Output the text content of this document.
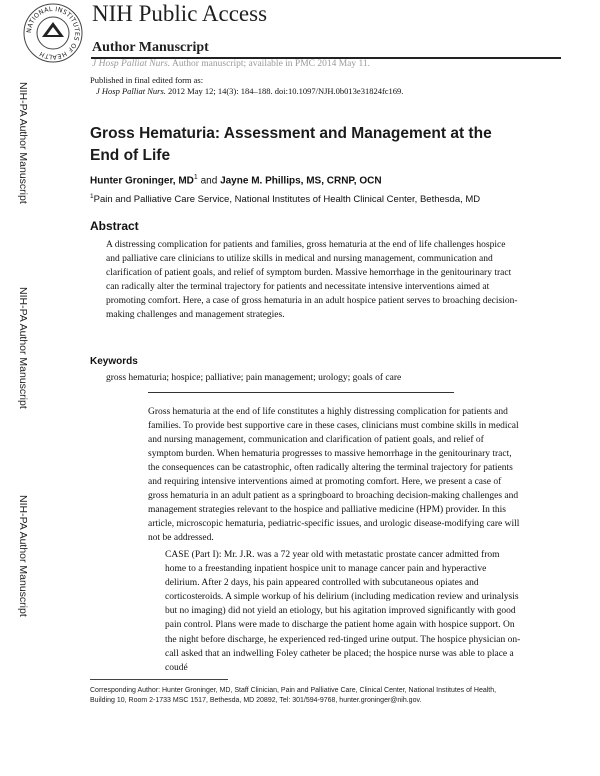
NATIONAL INSTITUTES OF HEALTH
NIH Public Access
Author Manuscript
J Hosp Palliat Nurs. Author manuscript; available in PMC 2014 May 11.
Published in final edited form as:
J Hosp Palliat Nurs. 2012 May 12; 14(3): 184–188. doi:10.1097/NJH.0b013e31824fc169.
NIH-PA Author Manuscript
NIH-PA Author Manuscript
NIH-PA Author Manuscript
Gross Hematuria: Assessment and Management at the End of Life
Hunter Groninger, $MD^1$ and Jayne M. Phillips, MS, CRNP, OCN
$^1$Pain and Palliative Care Service, National Institutes of Health Clinical Center, Bethesda, MD
Abstract

A distressing complication for patients and families, gross hematuria at the end of life challenges hospice and palliative care clinicians to utilize skills in medical and nursing management, communication and clarification of patient goals, and relief of symptom burden. Massive hemorrhage in the genitourinary tract can radically alter the terminal trajectory for patients and necessitate intensive interventions aimed at promoting comfort. Here, a case of gross hematuria in an adult hospice patient serves to broaching decision-making challenges and management strategies.

Keywords
gross hematuria; hospice; palliative; pain management; urology; goals of care

Gross hematuria at the end of life constitutes a highly distressing complication for patients and families. To provide best supportive care in these cases, clinicians must combine skills in medical and nursing management, communication and clarification of patient goals, and relief of symptom burden. When hematuria progresses to massive hemorrhage in the genitourinary tract, the consequences can be catastrophic, often radically altering the terminal trajectory for patients and requiring intensive interventions aimed at promoting comfort. Here, we present a case of gross hematuria in an adult patient as a springboard to broaching decision-making challenges and management strategies relevant to the hospice and palliative medicine (HPM) provider. In this article, microscopic hematuria, pediatric-specific issues, and urologic disease-modifying care will not be addressed.

CASE (Part I): Mr. J.R. was a 72 year old with metastatic prostate cancer admitted from home to a freestanding inpatient hospice unit to manage cancer pain and hyperactive delirium. After 2 days, his pain appeared controlled with subcutaneous opiates and corticosteroids. A simple workup of his delirium (including medication review and urinalysis but no imaging) did not yield an etiology, but his agitation improved significantly with good pain control. Plans were made to discharge the patient home again with hospice support. On the night before discharge, he experienced red-tinged urine output. The hospice physician on-call asked that an indwelling Foley catheter be placed; the hospice nurse was able to place a coudé

Corresponding Author: Hunter Groninger, MD, Staff Clinician, Pain and Palliative Care, Clinical Center, National Institutes of Health, Building 10, Room 2-1733 MSC 1517, Bethesda, MD 20892, Tel: 301/594-9768, hunter.groninger@nih.gov.
